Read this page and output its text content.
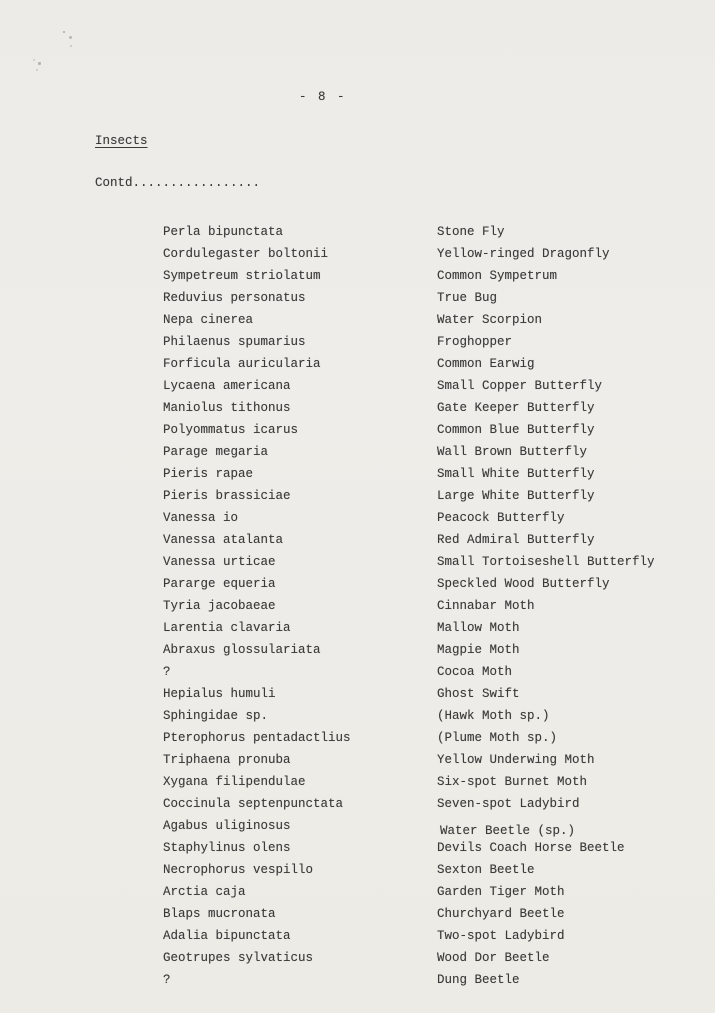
- 8 -
Insects
Contd.................
Perla bipunctata	Stone Fly
Cordulegaster boltonii	Yellow-ringed Dragonfly
Sympetreum striolatum	Common Sympetrum
Reduvius personatus	True Bug
Nepa cinerea	Water Scorpion
Philaenus spumarius	Froghopper
Forficula auricularia	Common Earwig
Lycaena americana	Small Copper Butterfly
Maniolus tithonus	Gate Keeper Butterfly
Polyommatus icarus	Common Blue Butterfly
Parage megaria	Wall Brown Butterfly
Pieris rapae	Small White Butterfly
Pieris brassiciae	Large White Butterfly
Vanessa io	Peacock Butterfly
Vanessa atalanta	Red Admiral Butterfly
Vanessa urticae	Small Tortoiseshell Butterfly
Pararge equeria	Speckled Wood Butterfly
Tyria jacobaeae	Cinnabar Moth
Larentia clavaria	Mallow Moth
Abraxus glossulariata	Magpie Moth
?	Cocoa Moth
Hepialus humuli	Ghost Swift
Sphingidae sp.	(Hawk Moth sp.)
Pterophorus pentadactlius	(Plume Moth sp.)
Triphaena pronuba	Yellow Underwing Moth
Xygana filipendulae	Six-spot Burnet Moth
Coccinula septenpunctata	Seven-spot Ladybird
Agabus uliginosus	Water Beetle (sp.)
Staphylinus olens	Devils Coach Horse Beetle
Necrophorus vespillo	Sexton Beetle
Arctia caja	Garden Tiger Moth
Blaps mucronata	Churchyard Beetle
Adalia bipunctata	Two-spot Ladybird
Geotrupes sylvaticus	Wood Dor Beetle
?	Dung Beetle
